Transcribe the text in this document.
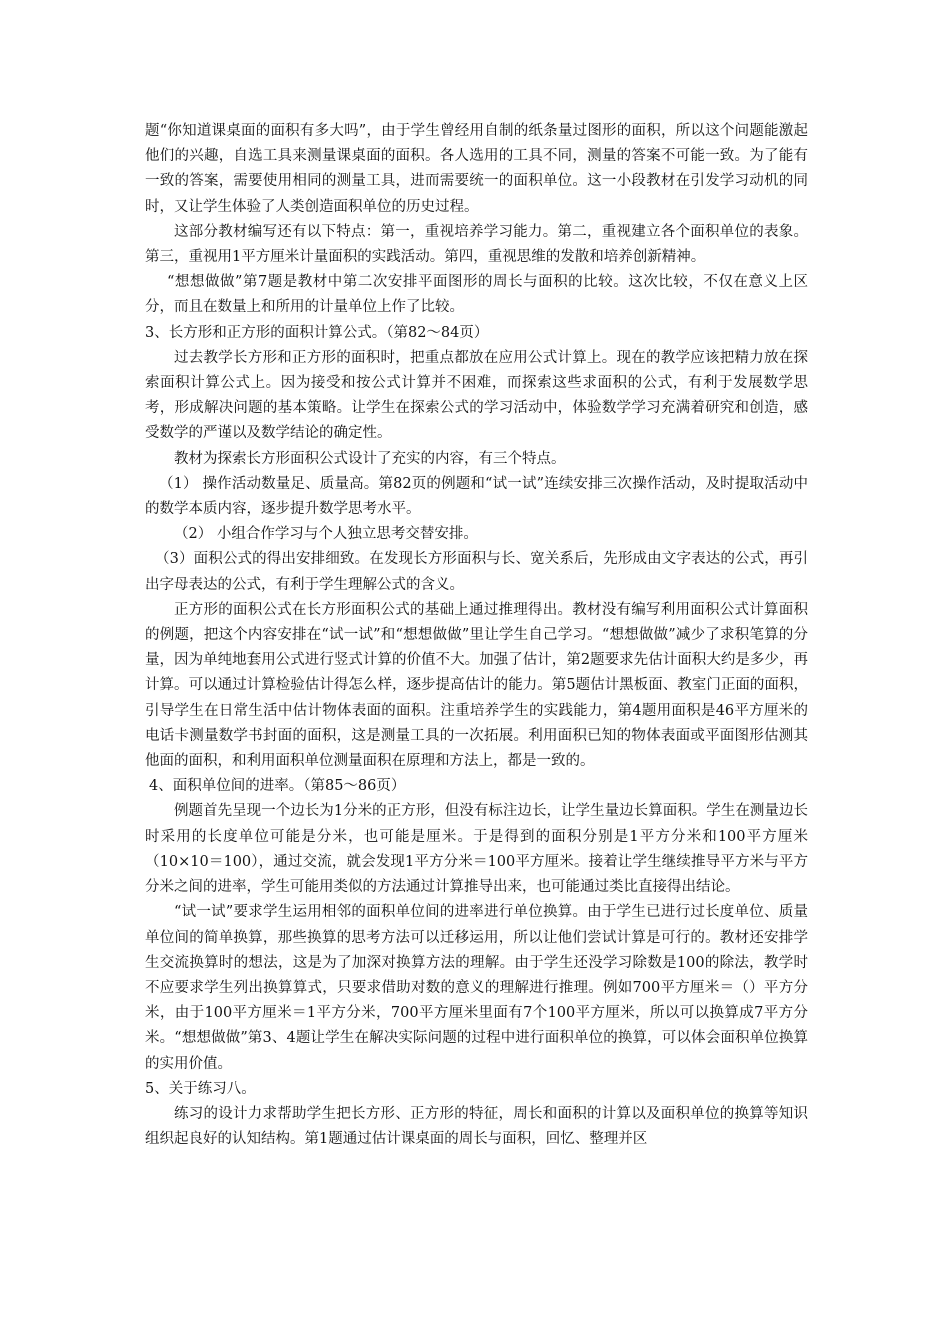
题“你知道课桌面的面积有多大吗”，由于学生曾经用自制的纸条量过图形的面积，所以这个问题能激起他们的兴趣，自选工具来测量课桌面的面积。各人选用的工具不同，测量的答案不可能一致。为了能有一致的答案，需要使用相同的测量工具，进而需要统一的面积单位。这一小段教材在引发学习动机的同时，又让学生体验了人类创造面积单位的历史过程。

这部分教材编写还有以下特点：第一，重视培养学习能力。第二，重视建立各个面积单位的表象。第三，重视用1平方厘米计量面积的实践活动。第四，重视思维的发散和培养创新精神。

“想想做做”第7题是教材中第二次安排平面图形的周长与面积的比较。这次比较，不仅在意义上区分，而且在数量上和所用的计量单位上作了比较。

3、长方形和正方形的面积计算公式。（第82～84页）

过去教学长方形和正方形的面积时，把重点都放在应用公式计算上。现在的教学应该把精力放在探索面积计算公式上。因为接受和按公式计算并不困难，而探索这些求面积的公式，有利于发展数学思考，形成解决问题的基本策略。让学生在探索公式的学习活动中，体验数学学习充满着研究和创造，感受数学的严谨以及数学结论的确定性。

教材为探索长方形面积公式设计了充实的内容，有三个特点。

（1） 操作活动数量足、质量高。第82页的例题和“试一试”连续安排三次操作活动，及时提取活动中的数学本质内容，逐步提升数学思考水平。

（2） 小组合作学习与个人独立思考交替安排。

（3）面积公式的得出安排细致。在发现长方形面积与长、宽关系后，先形成由文字表达的公式，再引出字母表达的公式，有利于学生理解公式的含义。

正方形的面积公式在长方形面积公式的基础上通过推理得出。教材没有编写利用面积公式计算面积的例题，把这个内容安排在“试一试”和“想想做做”里让学生自己学习。“想想做做”减少了求积笔算的分量，因为单纯地套用公式进行竖式计算的价值不大。加强了估计，第2题要求先估计面积大约是多少，再计算。可以通过计算检验估计得怎么样，逐步提高估计的能力。第5题估计黑板面、教室门正面的面积，引导学生在日常生活中估计物体表面的面积。注重培养学生的实践能力，第4题用面积是46平方厘米的电话卡测量数学书封面的面积，这是测量工具的一次拓展。利用面积已知的物体表面或平面图形估测其他面的面积，和利用面积单位测量面积在原理和方法上，都是一致的。

4、面积单位间的进率。（第85～86页）

例题首先呈现一个边长为1分米的正方形，但没有标注边长，让学生量边长算面积。学生在测量边长时采用的长度单位可能是分米，也可能是厘米。于是得到的面积分别是1平方分米和100平方厘米（10×10＝100），通过交流，就会发现1平方分米＝100平方厘米。接着让学生继续推导平方米与平方分米之间的进率，学生可能用类似的方法通过计算推导出来，也可能通过类比直接得出结论。

“试一试”要求学生运用相邻的面积单位间的进率进行单位换算。由于学生已进行过长度单位、质量单位间的简单换算，那些换算的思考方法可以迁移运用，所以让他们尝试计算是可行的。教材还安排学生交流换算时的想法，这是为了加深对换算方法的理解。由于学生还没学习除数是100的除法，教学时不应要求学生列出换算算式，只要求借助对数的意义的理解进行推理。例如700平方厘米＝（）平方分米，由于100平方厘米＝1平方分米，700平方厘米里面有7个100平方厘米，所以可以换算成7平方分米。“想想做做”第3、4题让学生在解决实际问题的过程中进行面积单位的换算，可以体会面积单位换算的实用价值。

5、关于练习八。

练习的设计力求帮助学生把长方形、正方形的特征，周长和面积的计算以及面积单位的换算等知识组织起良好的认知结构。第1题通过估计课桌面的周长与面积，回忆、整理并区
